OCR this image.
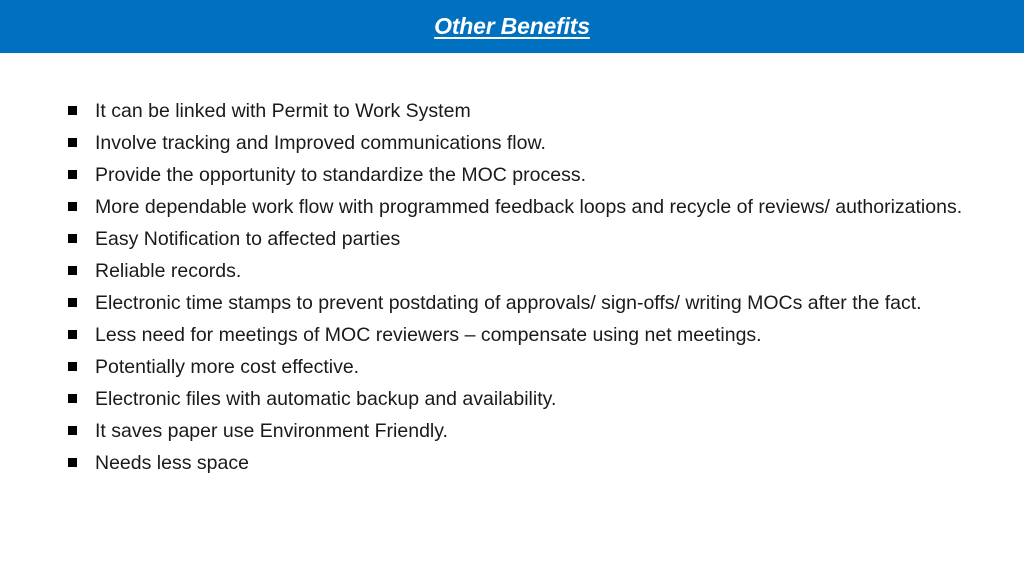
Other Benefits
It can be linked with Permit to Work System
Involve tracking and Improved communications flow.
Provide the opportunity to standardize the MOC process.
More dependable work flow with programmed feedback loops and recycle of reviews/ authorizations.
Easy Notification to affected parties
Reliable records.
Electronic time stamps to prevent postdating of approvals/ sign-offs/ writing MOCs after the fact.
Less need for meetings of MOC reviewers – compensate using net meetings.
Potentially more cost effective.
Electronic files with automatic backup and availability.
It saves paper use Environment Friendly.
Needs less space
